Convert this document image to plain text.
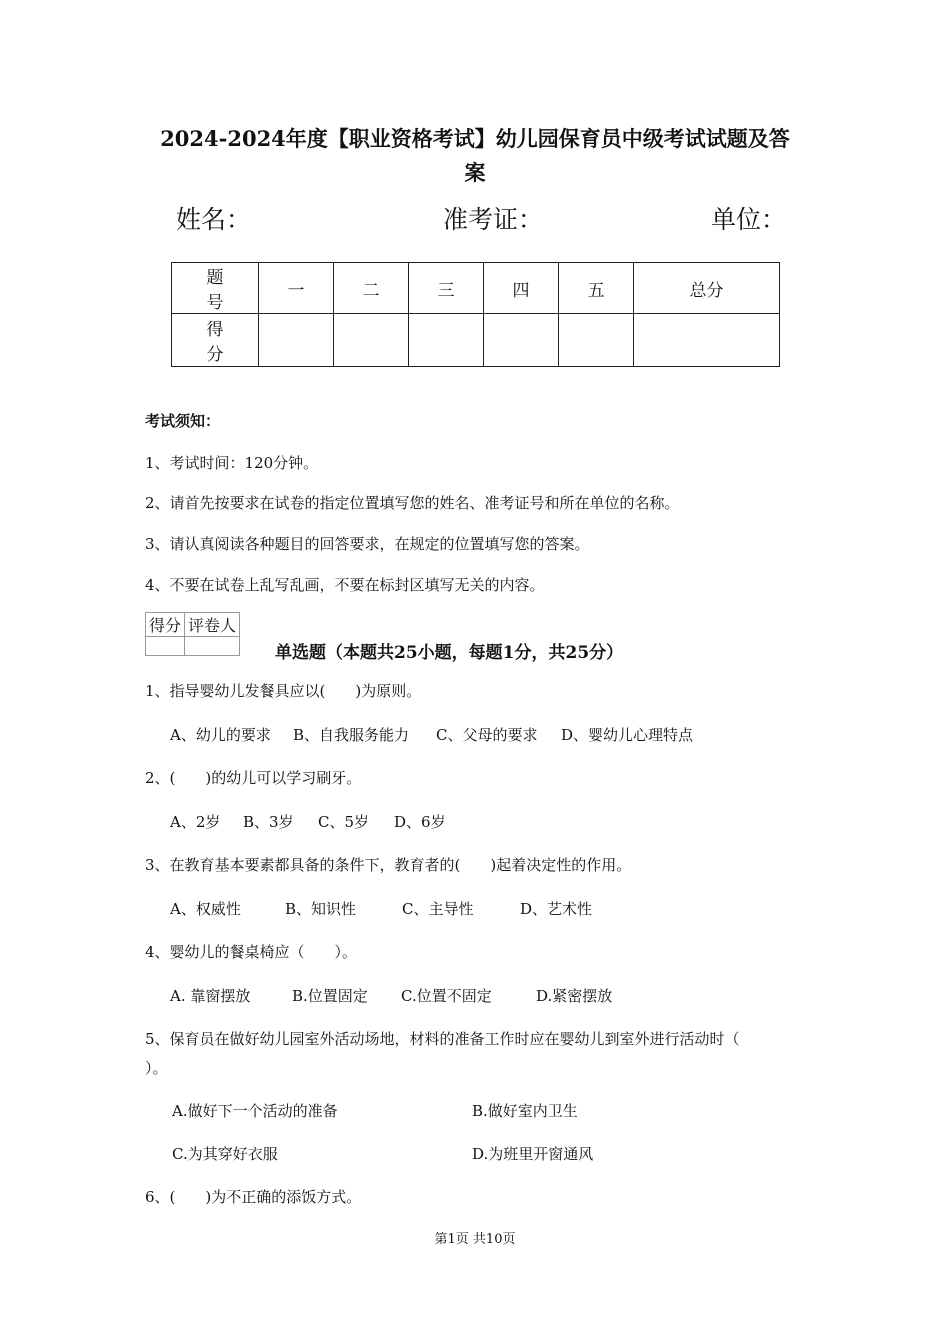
2024-2024年度【职业资格考试】幼儿园保育员中级考试试题及答
案
姓名：	准考证：	单位：
题号	一	二	三	四	五	总分
得分						
考试须知：
1、考试时间：120分钟。
2、请首先按要求在试卷的指定位置填写您的姓名、准考证号和所在单位的名称。
3、请认真阅读各种题目的回答要求，在规定的位置填写您的答案。
4、不要在试卷上乱写乱画，不要在标封区填写无关的内容。
得分	评卷人

单选题（本题共25小题，每题1分，共25分）
1、指导婴幼儿发餐具应以(　　)为原则。
A、幼儿的要求 B、自我服务能力 C、父母的要求 D、婴幼儿心理特点
2、(　　)的幼儿可以学习刷牙。
A、2岁 B、3岁 C、5岁 D、6岁
3、在教育基本要素都具备的条件下，教育者的(　　)起着决定性的作用。
A、权威性	B、知识性	C、主导性	D、艺术性
4、婴幼儿的餐桌椅应（　　）。
A. 靠窗摆放	B.位置固定 C.位置不固定	D.紧密摆放
5、保育员在做好幼儿园室外活动场地，材料的准备工作时应在婴幼儿到室外进行活动时（
）。
A.做好下一个活动的准备	B.做好室内卫生
C.为其穿好衣服	D.为班里开窗通风
6、(　　)为不正确的添饭方式。
第1页 共10页
